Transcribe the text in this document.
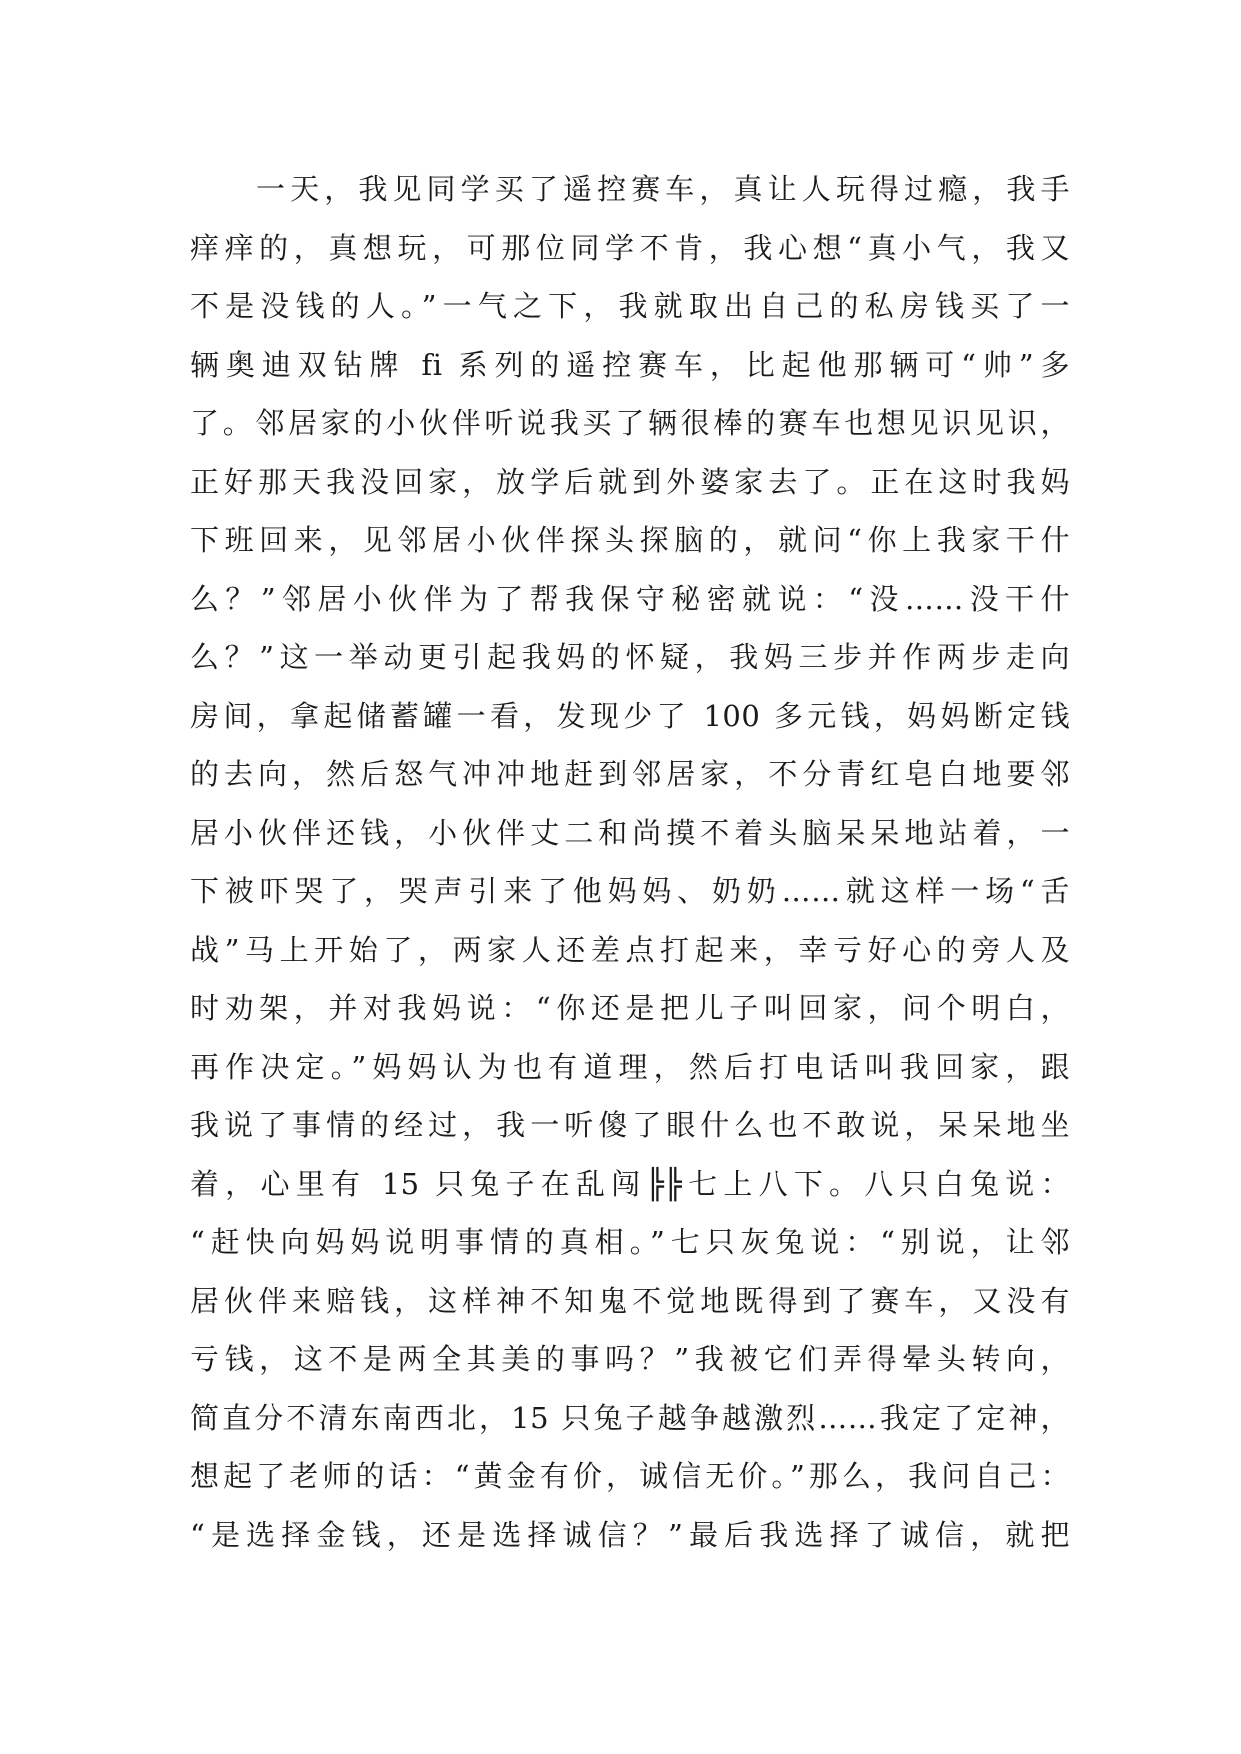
一天，我见同学买了遥控赛车，真让人玩得过瘾，我手
痒痒的，真想玩，可那位同学不肯，我心想“真小气，我又
不是没钱的人。”一气之下，我就取出自己的私房钱买了一
辆奥迪双钻牌 fi 系列的遥控赛车，比起他那辆可“帅”多
了。邻居家的小伙伴听说我买了辆很棒的赛车也想见识见识，
正好那天我没回家，放学后就到外婆家去了。正在这时我妈
下班回来，见邻居小伙伴探头探脑的，就问“你上我家干什
么？”邻居小伙伴为了帮我保守秘密就说：“没……没干什
么？”这一举动更引起我妈的怀疑，我妈三步并作两步走向
房间，拿起储蓄罐一看，发现少了 100 多元钱，妈妈断定钱
的去向，然后怒气冲冲地赶到邻居家，不分青红皂白地要邻
居小伙伴还钱，小伙伴丈二和尚摸不着头脑呆呆地站着，一
下被吓哭了，哭声引来了他妈妈、奶奶……就这样一场“舌
战”马上开始了，两家人还差点打起来，幸亏好心的旁人及
时劝架，并对我妈说：“你还是把儿子叫回家，问个明白，
再作决定。”妈妈认为也有道理，然后打电话叫我回家，跟
我说了事情的经过，我一听傻了眼什么也不敢说，呆呆地坐
着，心里有 15 只兔子在乱闯╠╠七上八下。八只白兔说：
“赶快向妈妈说明事情的真相。”七只灰兔说：“别说，让邻
居伙伴来赔钱，这样神不知鬼不觉地既得到了赛车，又没有
亏钱，这不是两全其美的事吗？”我被它们弄得晕头转向，
简直分不清东南西北，15 只兔子越争越激烈……我定了定神，
想起了老师的话：“黄金有价，诚信无价。”那么，我问自己：
“是选择金钱，还是选择诚信？”最后我选择了诚信，就把
